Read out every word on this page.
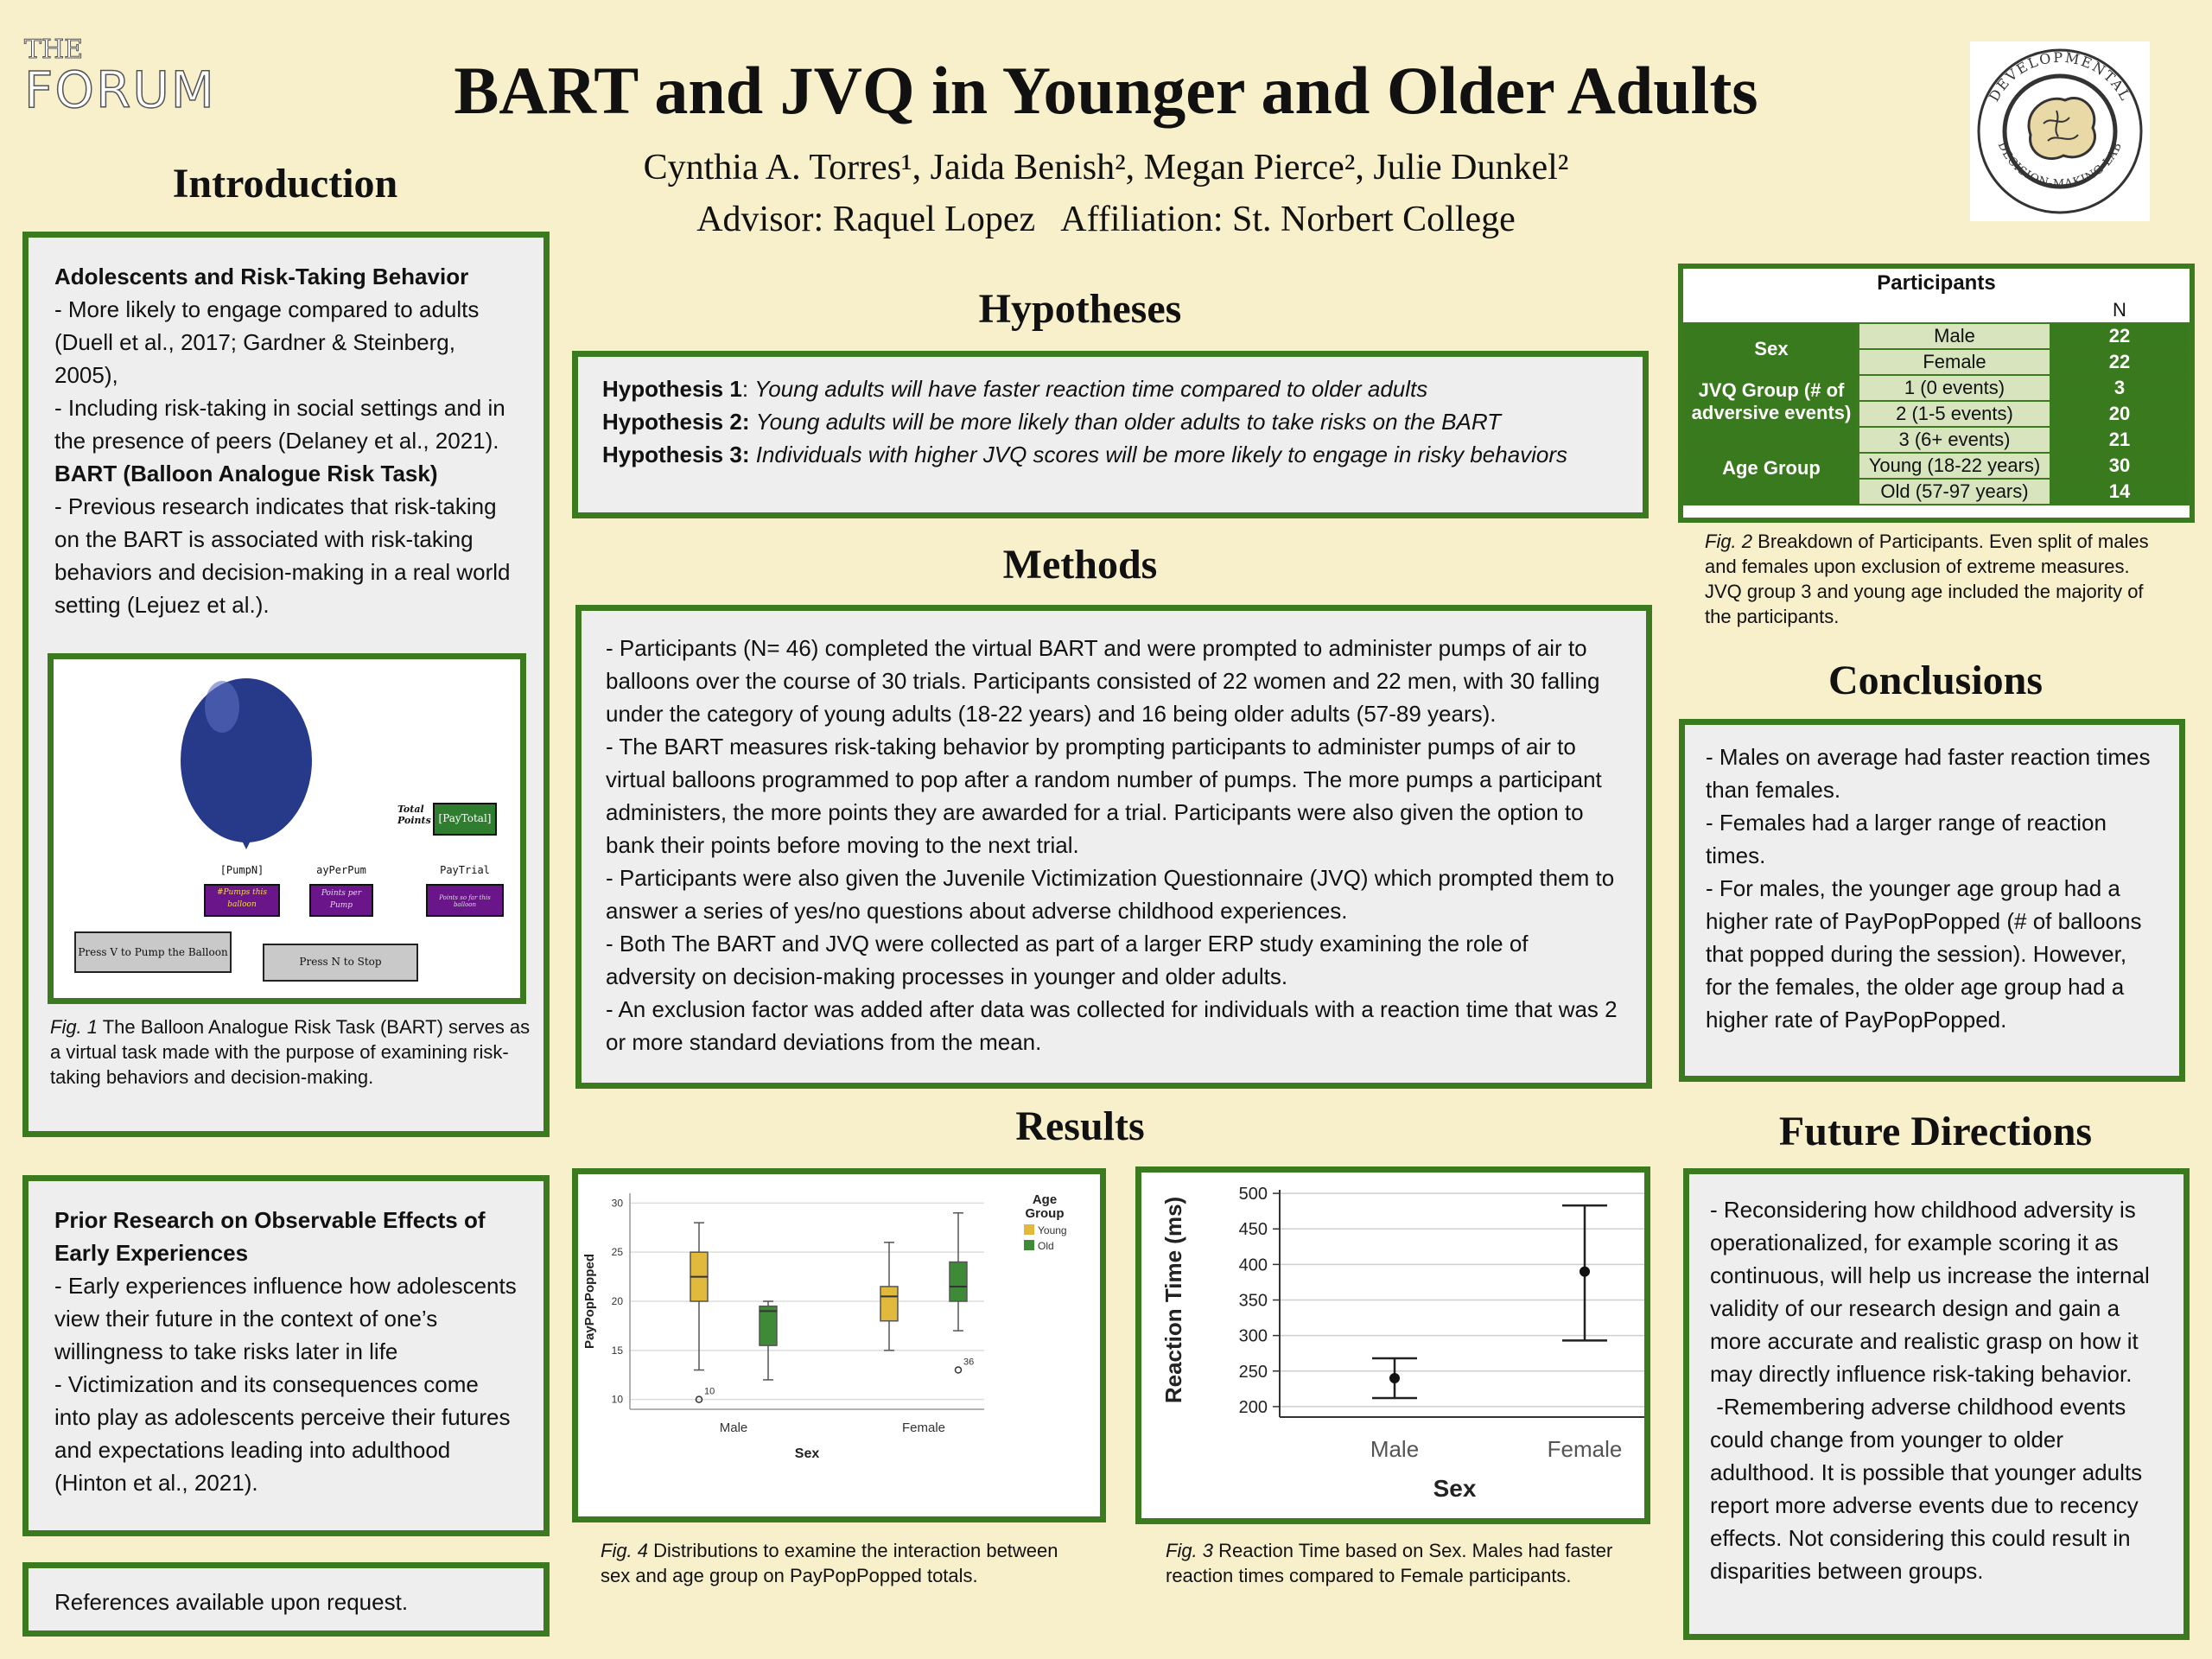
THE
FORUM	BART and JVQ in Younger and Older Adults
Cynthia A. Torres¹, Jaida Benish², Megan Pierce², Julie Dunkel²
Advisor: Raquel Lopez   Affiliation: St. Norbert College
DEVELOPMENTAL
DECISION-MAKING LAB
Introduction

Adolescents and Risk-Taking Behavior

- More likely to engage compared to adults (Duell et al., 2017; Gardner & Steinberg, 2005),

- Including risk-taking in social settings and in the presence of peers (Delaney et al., 2021).

BART (Balloon Analogue Risk Task)

- Previous research indicates that risk-taking on the BART is associated with risk-taking behaviors and decision-making in a real world setting (Lejuez et al.).

Total Points [PayTotal]
[PumpN]	ayPerPum	PayTrial
#Pumps this balloon
Points per Pump
Points so far this balloon
Press V to Pump the Balloon
Press N to Stop
Fig. 1 The Balloon Analogue Risk Task (BART) serves as a virtual task made with the purpose of examining risk-taking behaviors and decision-making.

Prior Research on Observable Effects of Early Experiences

- Early experiences influence how adolescents view their future in the context of one’s willingness to take risks later in life

- Victimization and its consequences come into play as adolescents perceive their futures and expectations leading into adulthood (Hinton et al., 2021).

References available upon request.
Hypotheses
Hypothesis 1: Young adults will have faster reaction time compared to older adults
Hypothesis 2: Young adults will be more likely than older adults to take risks on the BART
Hypothesis 3: Individuals with higher JVQ scores will be more likely to engage in risky behaviors
Methods

- Participants (N= 46) completed the virtual BART and were prompted to administer pumps of air to balloons over the course of 30 trials. Participants consisted of 22 women and 22 men, with 30 falling under the category of young adults (18-22 years) and 16 being older adults (57-89 years).

- The BART measures risk-taking behavior by prompting participants to administer pumps of air to virtual balloons programmed to pop after a random number of pumps. The more pumps a participant administers, the more points they are awarded for a trial. Participants were also given the option to bank their points before moving to the next trial.

- Participants were also given the Juvenile Victimization Questionnaire (JVQ) which prompted them to answer a series of yes/no questions about adverse childhood experiences.

- Both The BART and JVQ were collected as part of a larger ERP study examining the role of adversity on decision-making processes in younger and older adults.

- An exclusion factor was added after data was collected for individuals with a reaction time that was 2 or more standard deviations from the mean.

Results
10
15
20
25
30
Male	Female
10
36
PayPopPopped
Sex
Age
Group
Young
Old
Fig. 4 Distributions to examine the interaction between sex and age group on PayPopPopped totals.
200
250
300
350
400
450
500
Male	Female
Reaction Time (ms)
Sex
Fig. 3 Reaction Time based on Sex. Males had faster reaction times compared to Female participants.
Participants		
		N
Sex	Male	22
	Female	22
JVQ Group (# of adversive events)	1 (0 events)	3
	2 (1-5 events)	20
	3 (6+ events)	21
Age Group	Young (18-22 years)	30
	Old (57-97 years)	14
Fig. 2 Breakdown of Participants. Even split of males and females upon exclusion of extreme measures. JVQ group 3 and young age included the majority of the participants.
Conclusions

- Males on average had faster reaction times than females.

- Females had a larger range of reaction times.

- For males, the younger age group had a higher rate of PayPopPopped (# of balloons that popped during the session). However, for the females, the older age group had a higher rate of PayPopPopped.

Future Directions

- Reconsidering how childhood adversity is operationalized, for example scoring it as continuous, will help us increase the internal validity of our research design and gain a more accurate and realistic grasp on how it may directly influence risk-taking behavior.

-Remembering adverse childhood events could change from younger to older adulthood. It is possible that younger adults report more adverse events due to recency effects. Not considering this could result in disparities between groups.
